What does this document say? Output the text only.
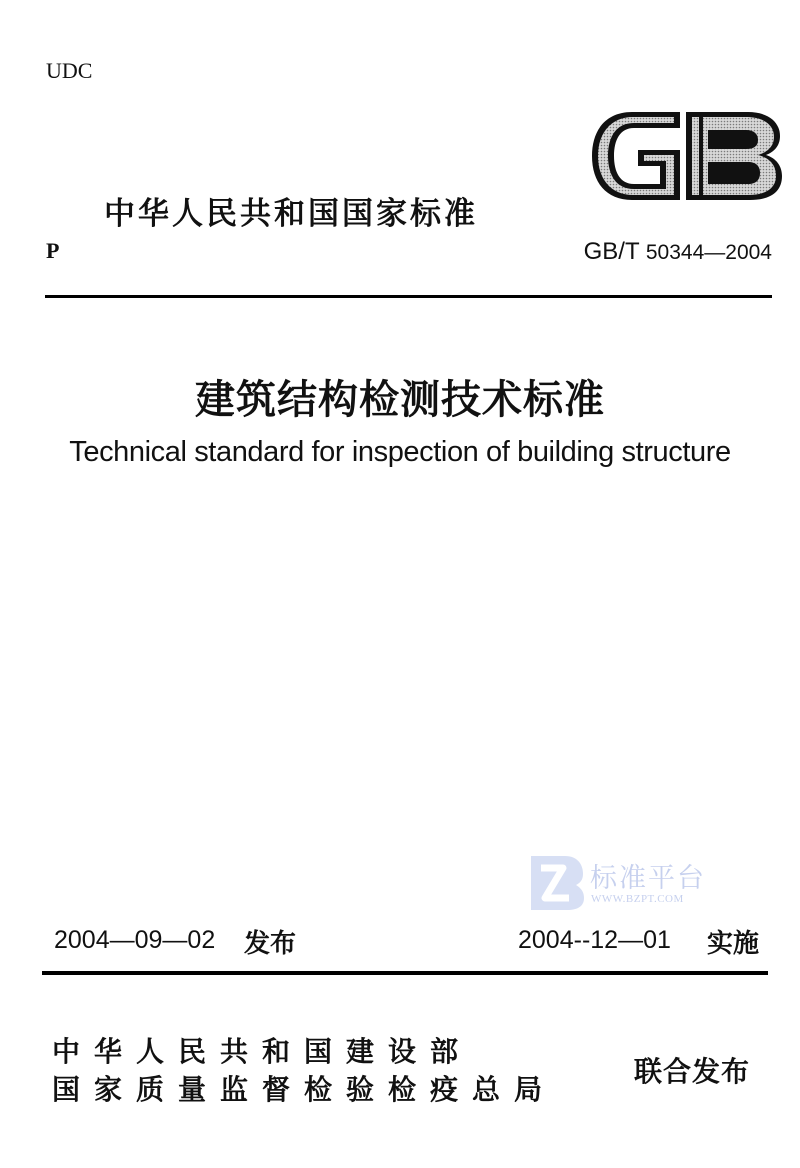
UDC
中华人民共和国国家标准
P	GB/T 50344—2004
建筑结构检测技术标准
Technical standard for inspection of building structure
标准平台
WWW.BZPT.COM
2004—09—02 发布	2004--12—01 实施
中华人民共和国建设部
国家质量监督检验检疫总局
联合发布
